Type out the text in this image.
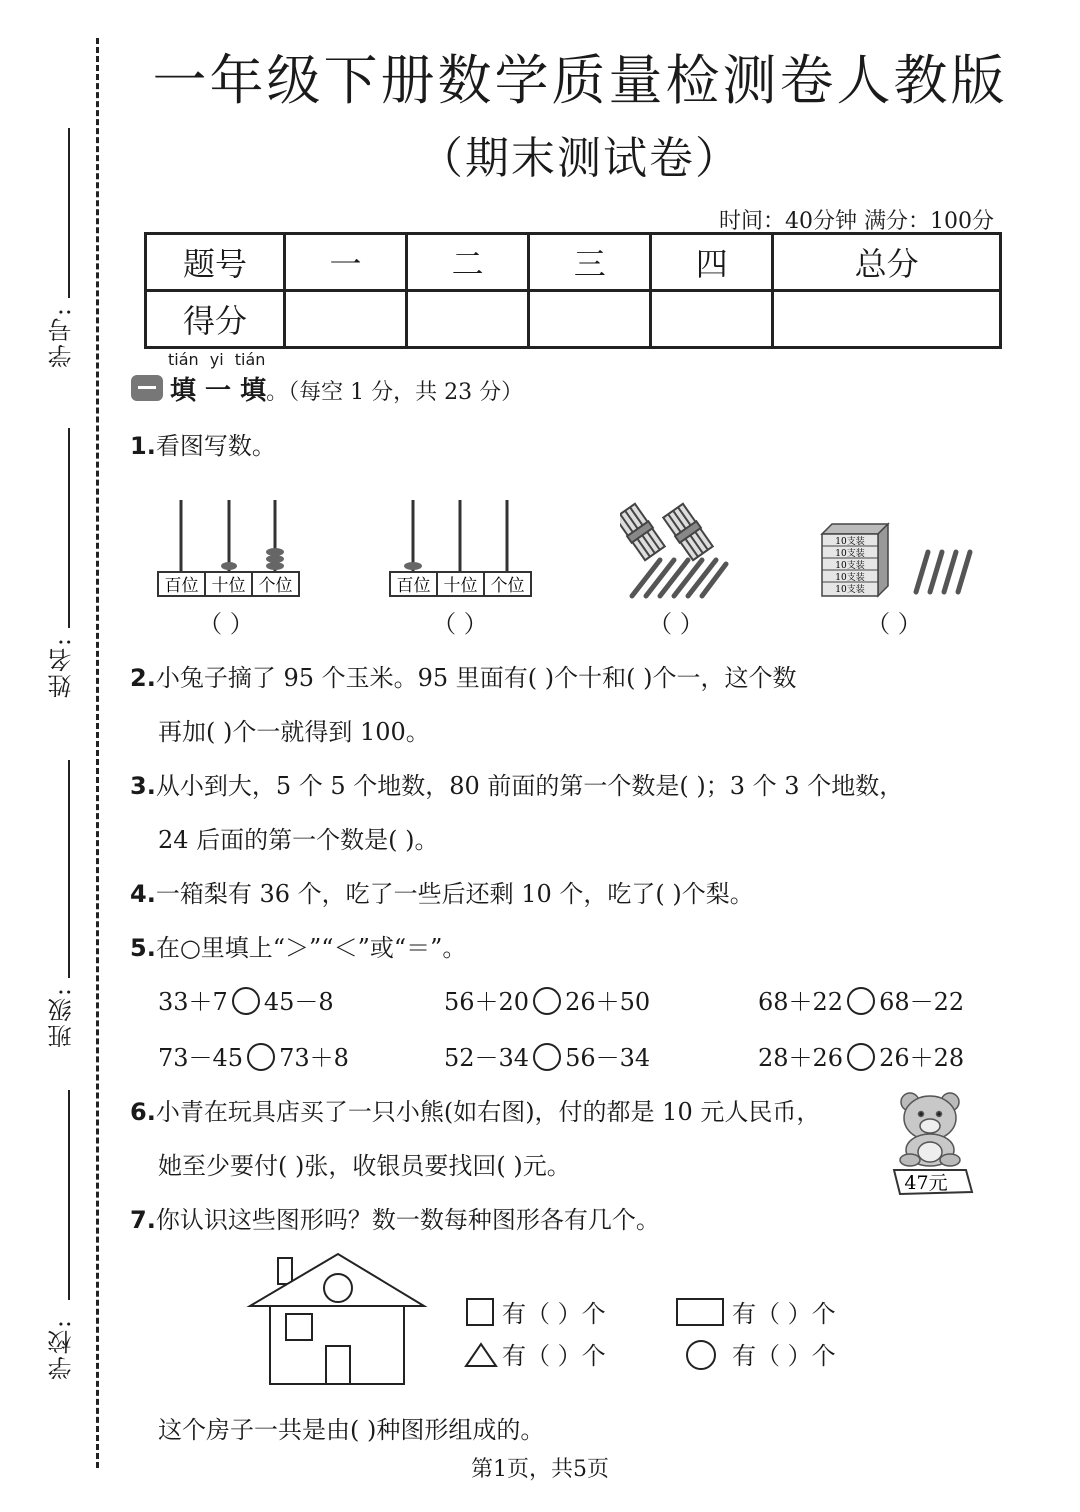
学号:
姓名:
班级:
学校:
一年级下册数学质量检测卷人教版
（期末测试卷）
时间：40分钟 满分：100分
题号	一	二	三	四	总分
得分					
tián yi tián
填 一 填。（每空 1 分，共 23 分）
1.看图写数。
百位 十位 个位	百位 十位 个位
10支装
10支装
10支装
10支装
10支装
（ ）	（ ）	（ ）	（ ）
2.小兔子摘了 95 个玉米。95 里面有( )个十和( )个一，这个数
再加( )个一就得到 100。
3.从小到大，5 个 5 个地数，80 前面的第一个数是( )；3 个 3 个地数，
24 后面的第一个数是( )。
4.一箱梨有 36 个，吃了一些后还剩 10 个，吃了( )个梨。
5.在○里填上“＞”“＜”或“＝”。
33＋7 45－8	56＋20 26＋50	68＋22 68－22
73－45 73＋8	52－34 56－34	28＋26 26＋28
6.小青在玩具店买了一只小熊(如右图)，付的都是 10 元人民币，
她至少要付( )张，收银员要找回( )元。
47元
7.你认识这些图形吗？数一数每种图形各有几个。
有（ ）个	有（ ）个
有（ ）个	有（ ）个
这个房子一共是由( )种图形组成的。
第1页，共5页
